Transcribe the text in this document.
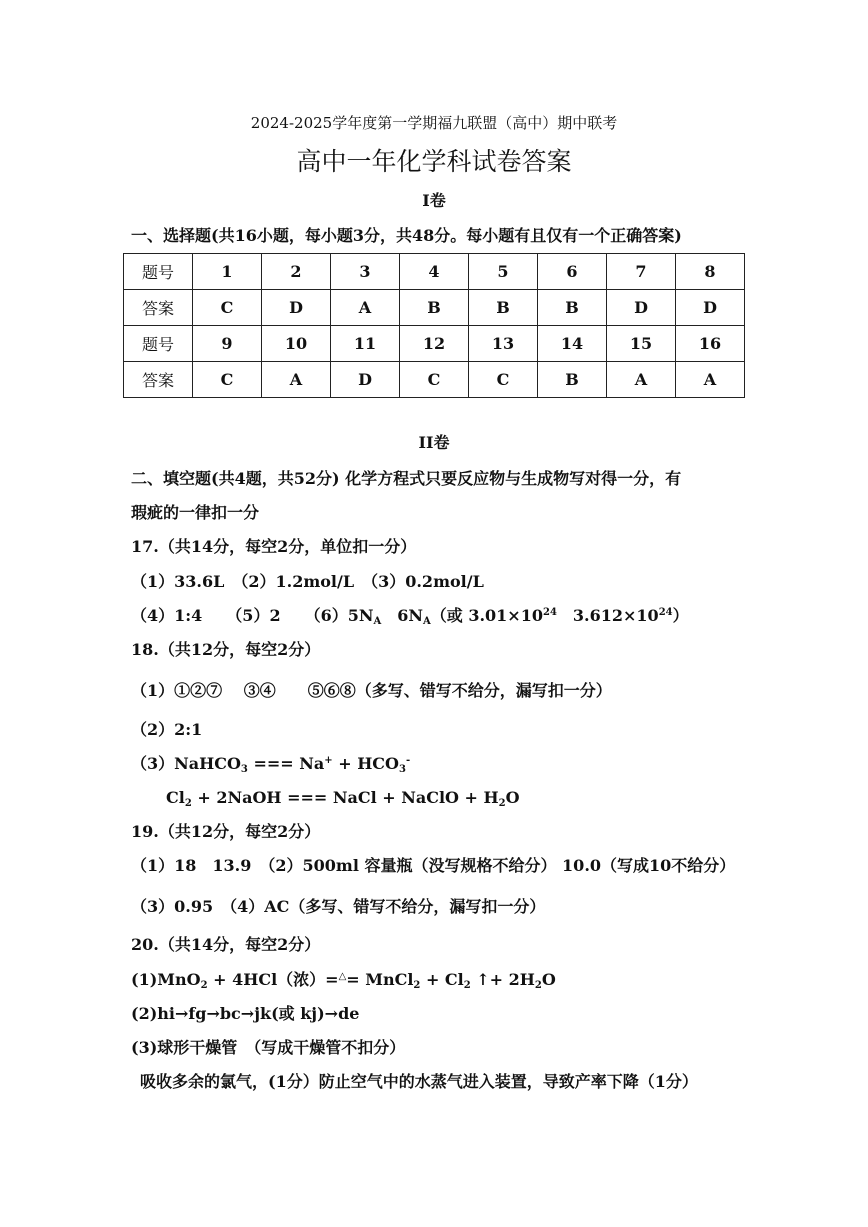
2024-2025学年度第一学期福九联盟（高中）期中联考
高中一年化学科试卷答案
I卷
一、选择题(共16小题，每小题3分，共48分。每小题有且仅有一个正确答案)
题号	1	2	3	4	5	6	7	8
答案	C	D	A	B	B	B	D	D
题号	9	10	11	12	13	14	15	16
答案	C	A	D	C	C	B	A	A
II卷
二、填空题(共4题，共52分) 化学方程式只要反应物与生成物写对得一分，有
瑕疵的一律扣一分
17.（共14分，每空2分，单位扣一分）
（1）33.6L　（2）1.2mol/L　（3）0.2mol/L
（4）1:4　　（5）2　　$(6)5N_A$　$6N_A$（或 $3.01\times 10^{24}$　$3.612\times 10^{24}$）
18.（共12分，每空2分）
（1）①②⑦　 ③④　　⑤⑥⑧（多写、错写不给分，漏写扣一分）
（2）2:1
（3）NaHCO$_3$ === $Na^+ + HCO_3^-$
$Cl_2$ + 2NaOH === NaCl + NaClO + $H_2O$
19.（共12分，每空2分）
（1）18　13.9　（2）500ml 容量瓶（没写规格不给分） 10.0（写成10不给分）
（3）0.95　（4）AC（多写、错写不给分，漏写扣一分）
20.（共14分，每空2分）
(1)MnO$_2$ + 4HCl（浓）=△= MnCl$_2$ + $Cl_2$ ↑+ $2H_2O$
(2)hi→fg→bc→jk(或 kj)→de
(3)球形干燥管　（写成干燥管不扣分）
吸收多余的氯气，(1分）防止空气中的水蒸气进入装置，导致产率下降（1分）
